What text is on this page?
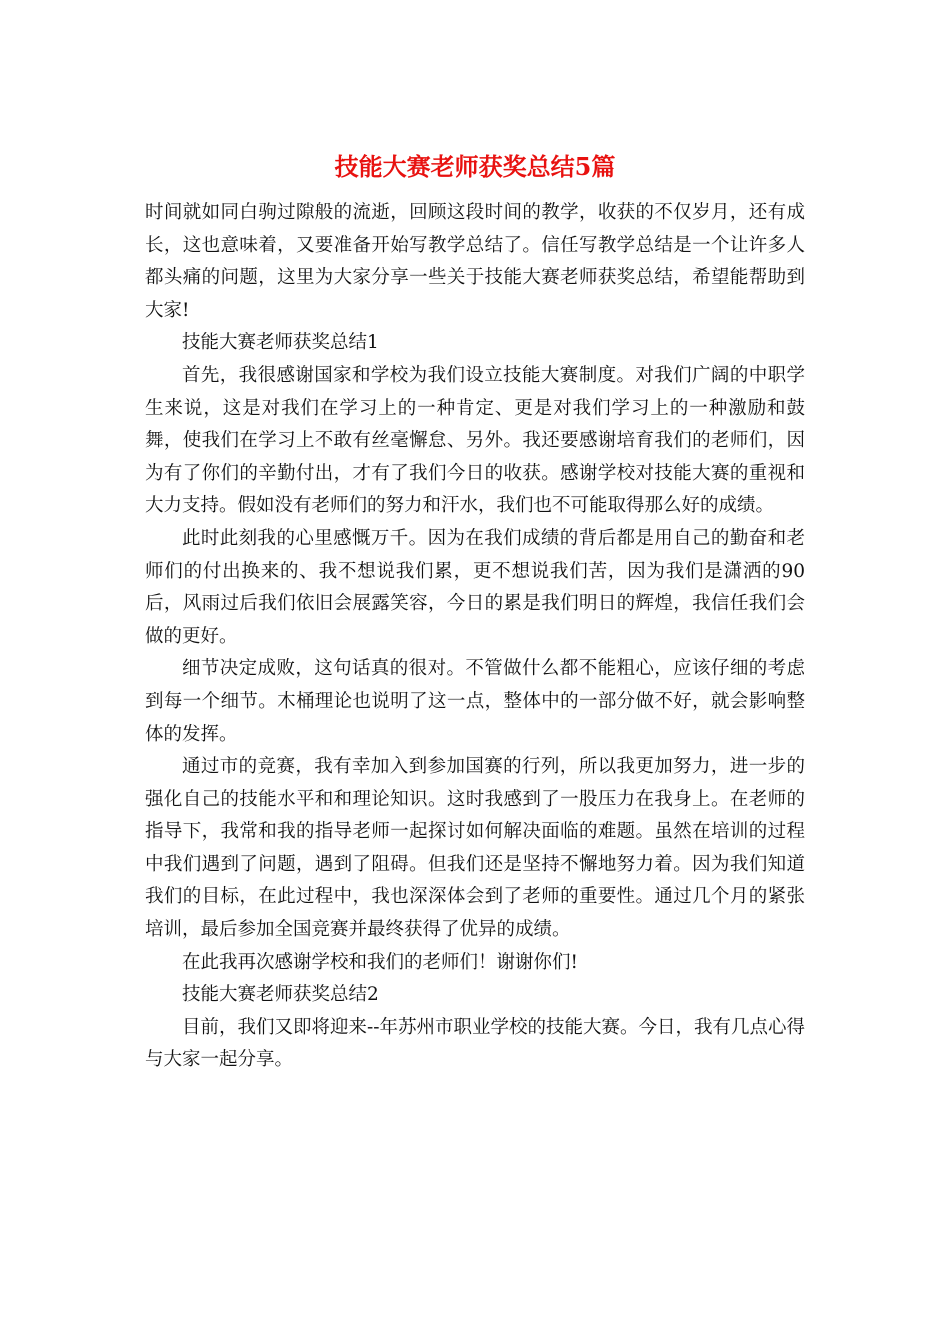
技能大赛老师获奖总结5篇

时间就如同白驹过隙般的流逝，回顾这段时间的教学，收获的不仅岁月，还有成长，这也意味着，又要准备开始写教学总结了。信任写教学总结是一个让许多人都头痛的问题，这里为大家分享一些关于技能大赛老师获奖总结，希望能帮助到大家!

技能大赛老师获奖总结1

首先，我很感谢国家和学校为我们设立技能大赛制度。对我们广阔的中职学生来说，这是对我们在学习上的一种肯定、更是对我们学习上的一种激励和鼓舞，使我们在学习上不敢有丝毫懈怠、另外。我还要感谢培育我们的老师们，因为有了你们的辛勤付出，才有了我们今日的收获。感谢学校对技能大赛的重视和大力支持。假如没有老师们的努力和汗水，我们也不可能取得那么好的成绩。

此时此刻我的心里感慨万千。因为在我们成绩的背后都是用自己的勤奋和老师们的付出换来的、我不想说我们累，更不想说我们苦，因为我们是潇洒的90后，风雨过后我们依旧会展露笑容，今日的累是我们明日的辉煌，我信任我们会做的更好。

细节决定成败，这句话真的很对。不管做什么都不能粗心，应该仔细的考虑到每一个细节。木桶理论也说明了这一点，整体中的一部分做不好，就会影响整体的发挥。

通过市的竞赛，我有幸加入到参加国赛的行列，所以我更加努力，进一步的强化自己的技能水平和和理论知识。这时我感到了一股压力在我身上。在老师的指导下，我常和我的指导老师一起探讨如何解决面临的难题。虽然在培训的过程中我们遇到了问题，遇到了阻碍。但我们还是坚持不懈地努力着。因为我们知道我们的目标，在此过程中，我也深深体会到了老师的重要性。通过几个月的紧张培训，最后参加全国竞赛并最终获得了优异的成绩。

在此我再次感谢学校和我们的老师们！谢谢你们!

技能大赛老师获奖总结2

目前，我们又即将迎来--年苏州市职业学校的技能大赛。今日，我有几点心得与大家一起分享。
